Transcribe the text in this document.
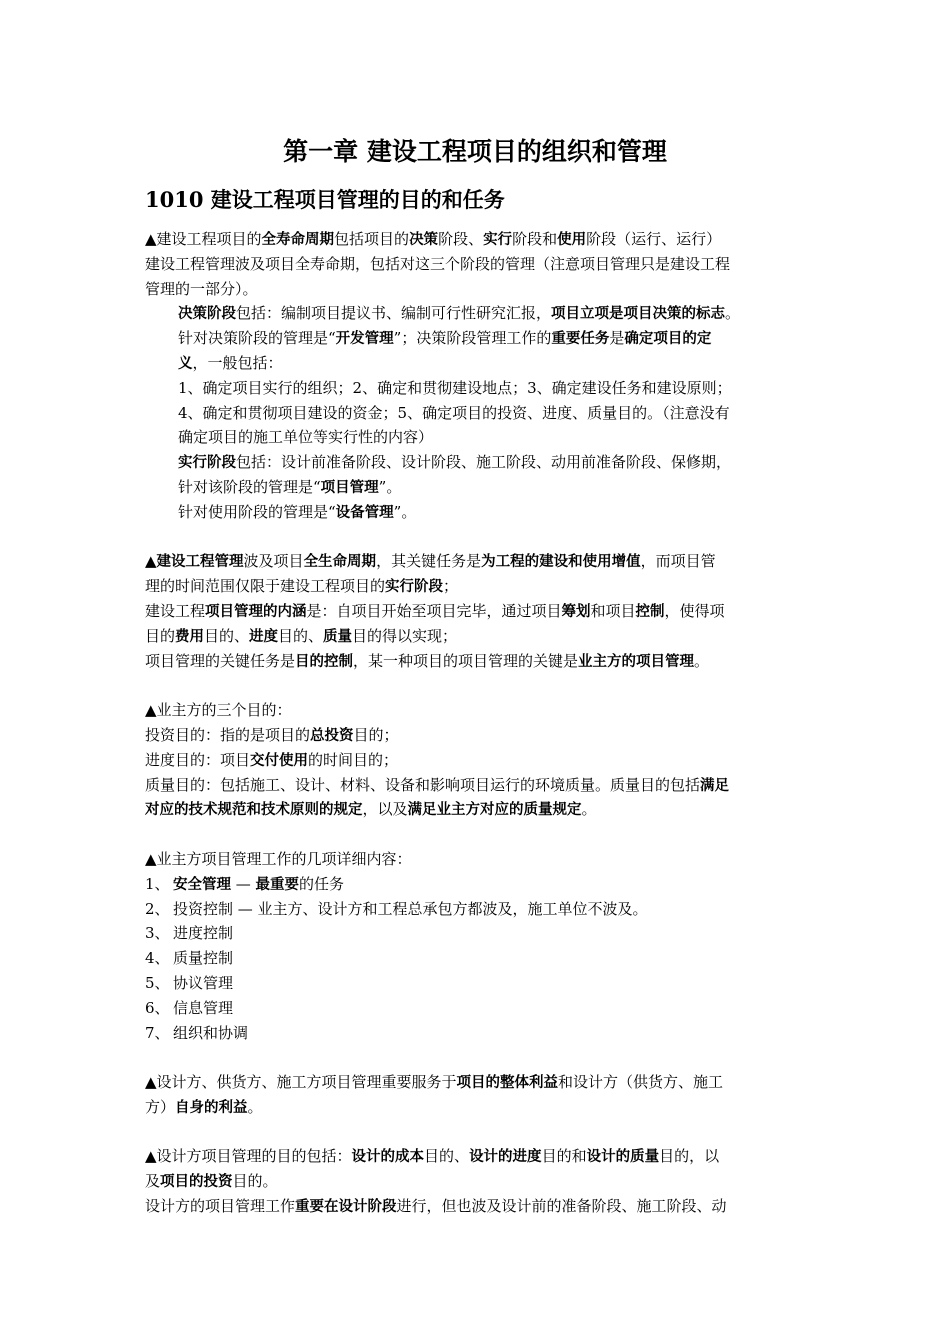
第一章 建设工程项目的组织和管理
1010 建设工程项目管理的目的和任务
▲建设工程项目的全寿命周期包括项目的决策阶段、实行阶段和使用阶段（运行、运行）
建设工程管理波及项目全寿命期，包括对这三个阶段的管理（注意项目管理只是建设工程
管理的一部分）。
决策阶段包括：编制项目提议书、编制可行性研究汇报，项目立项是项目决策的标志。
针对决策阶段的管理是“开发管理”；决策阶段管理工作的重要任务是确定项目的定
义，一般包括：
1、确定项目实行的组织；2、确定和贯彻建设地点；3、确定建设任务和建设原则；
4、确定和贯彻项目建设的资金；5、确定项目的投资、进度、质量目的。（注意没有
确定项目的施工单位等实行性的内容）
实行阶段包括：设计前准备阶段、设计阶段、施工阶段、动用前准备阶段、保修期，
针对该阶段的管理是“项目管理”。
针对使用阶段的管理是“设备管理”。
▲建设工程管理波及项目全生命周期，其关键任务是为工程的建设和使用增值，而项目管
理的时间范围仅限于建设工程项目的实行阶段；
建设工程项目管理的内涵是：自项目开始至项目完毕，通过项目筹划和项目控制，使得项
目的费用目的、进度目的、质量目的得以实现；
项目管理的关键任务是目的控制，某一种项目的项目管理的关键是业主方的项目管理。
▲业主方的三个目的：
投资目的：指的是项目的总投资目的；
进度目的：项目交付使用的时间目的；
质量目的：包括施工、设计、材料、设备和影响项目运行的环境质量。质量目的包括满足
对应的技术规范和技术原则的规定，以及满足业主方对应的质量规定。
▲业主方项目管理工作的几项详细内容：
1、 安全管理 — 最重要的任务
2、 投资控制 — 业主方、设计方和工程总承包方都波及，施工单位不波及。
3、 进度控制
4、 质量控制
5、 协议管理
6、 信息管理
7、 组织和协调
▲设计方、供货方、施工方项目管理重要服务于项目的整体利益和设计方（供货方、施工
方）自身的利益。
▲设计方项目管理的目的包括：设计的成本目的、设计的进度目的和设计的质量目的，以
及项目的投资目的。
设计方的项目管理工作重要在设计阶段进行，但也波及设计前的准备阶段、施工阶段、动
